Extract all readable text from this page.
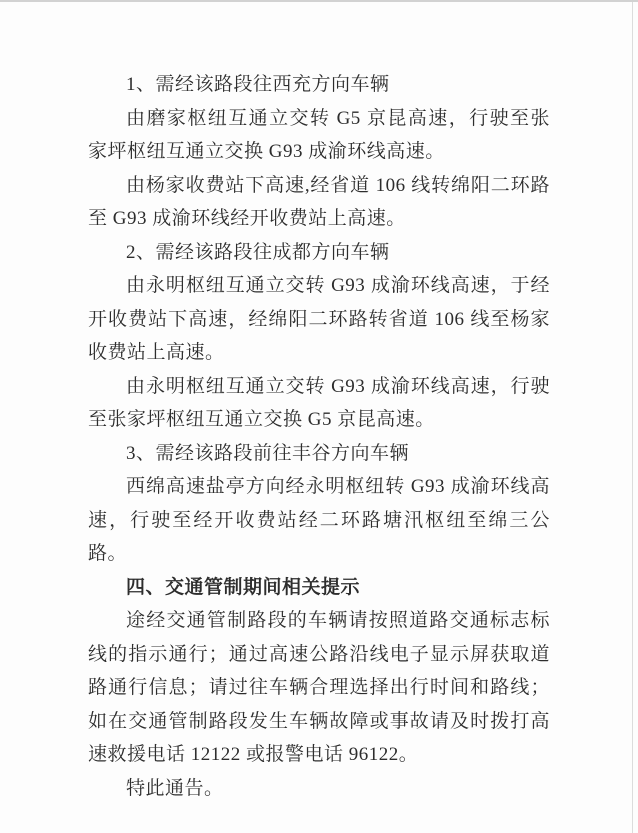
1、需经该路段往西充方向车辆

由磨家枢纽互通立交转 G5 京昆高速，行驶至张家坪枢纽互通立交换 G93 成渝环线高速。

由杨家收费站下高速,经省道 106 线转绵阳二环路至 G93 成渝环线经开收费站上高速。

2、需经该路段往成都方向车辆

由永明枢纽互通立交转 G93 成渝环线高速，于经开收费站下高速，经绵阳二环路转省道 106 线至杨家收费站上高速。

由永明枢纽互通立交转 G93 成渝环线高速，行驶至张家坪枢纽互通立交换 G5 京昆高速。

3、需经该路段前往丰谷方向车辆

西绵高速盐亭方向经永明枢纽转 G93 成渝环线高速，行驶至经开收费站经二环路塘汛枢纽至绵三公路。

四、交通管制期间相关提示

途经交通管制路段的车辆请按照道路交通标志标线的指示通行；通过高速公路沿线电子显示屏获取道路通行信息；请过往车辆合理选择出行时间和路线；如在交通管制路段发生车辆故障或事故请及时拨打高速救援电话 12122 或报警电话 96122。

特此通告。
